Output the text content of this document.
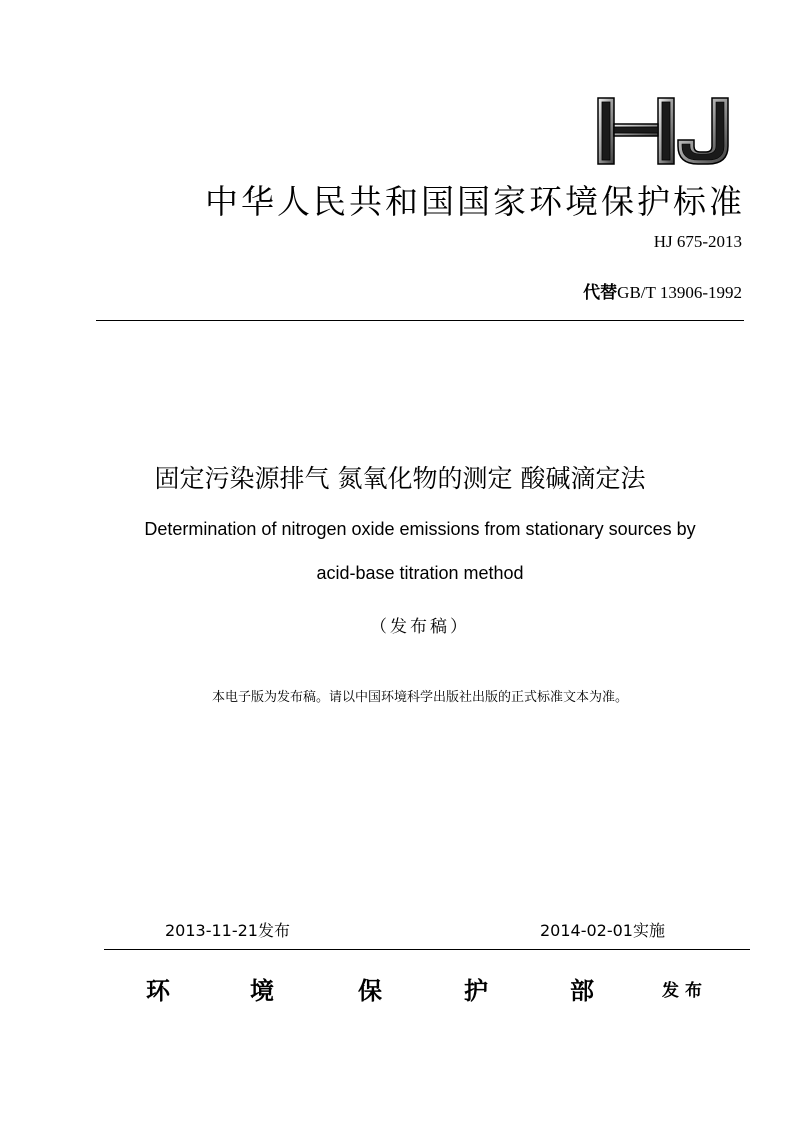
中华人民共和国国家环境保护标准
HJ 675-2013
代替GB/T 13906-1992
固定污染源排气 氮氧化物的测定 酸碱滴定法
Determination of nitrogen oxide emissions from stationary sources by
acid-base titration method
（发布稿）
本电子版为发布稿。请以中国环境科学出版社出版的正式标准文本为准。
2013-11-21发布	2014-02-01实施
环	境	保	护	部	发布
